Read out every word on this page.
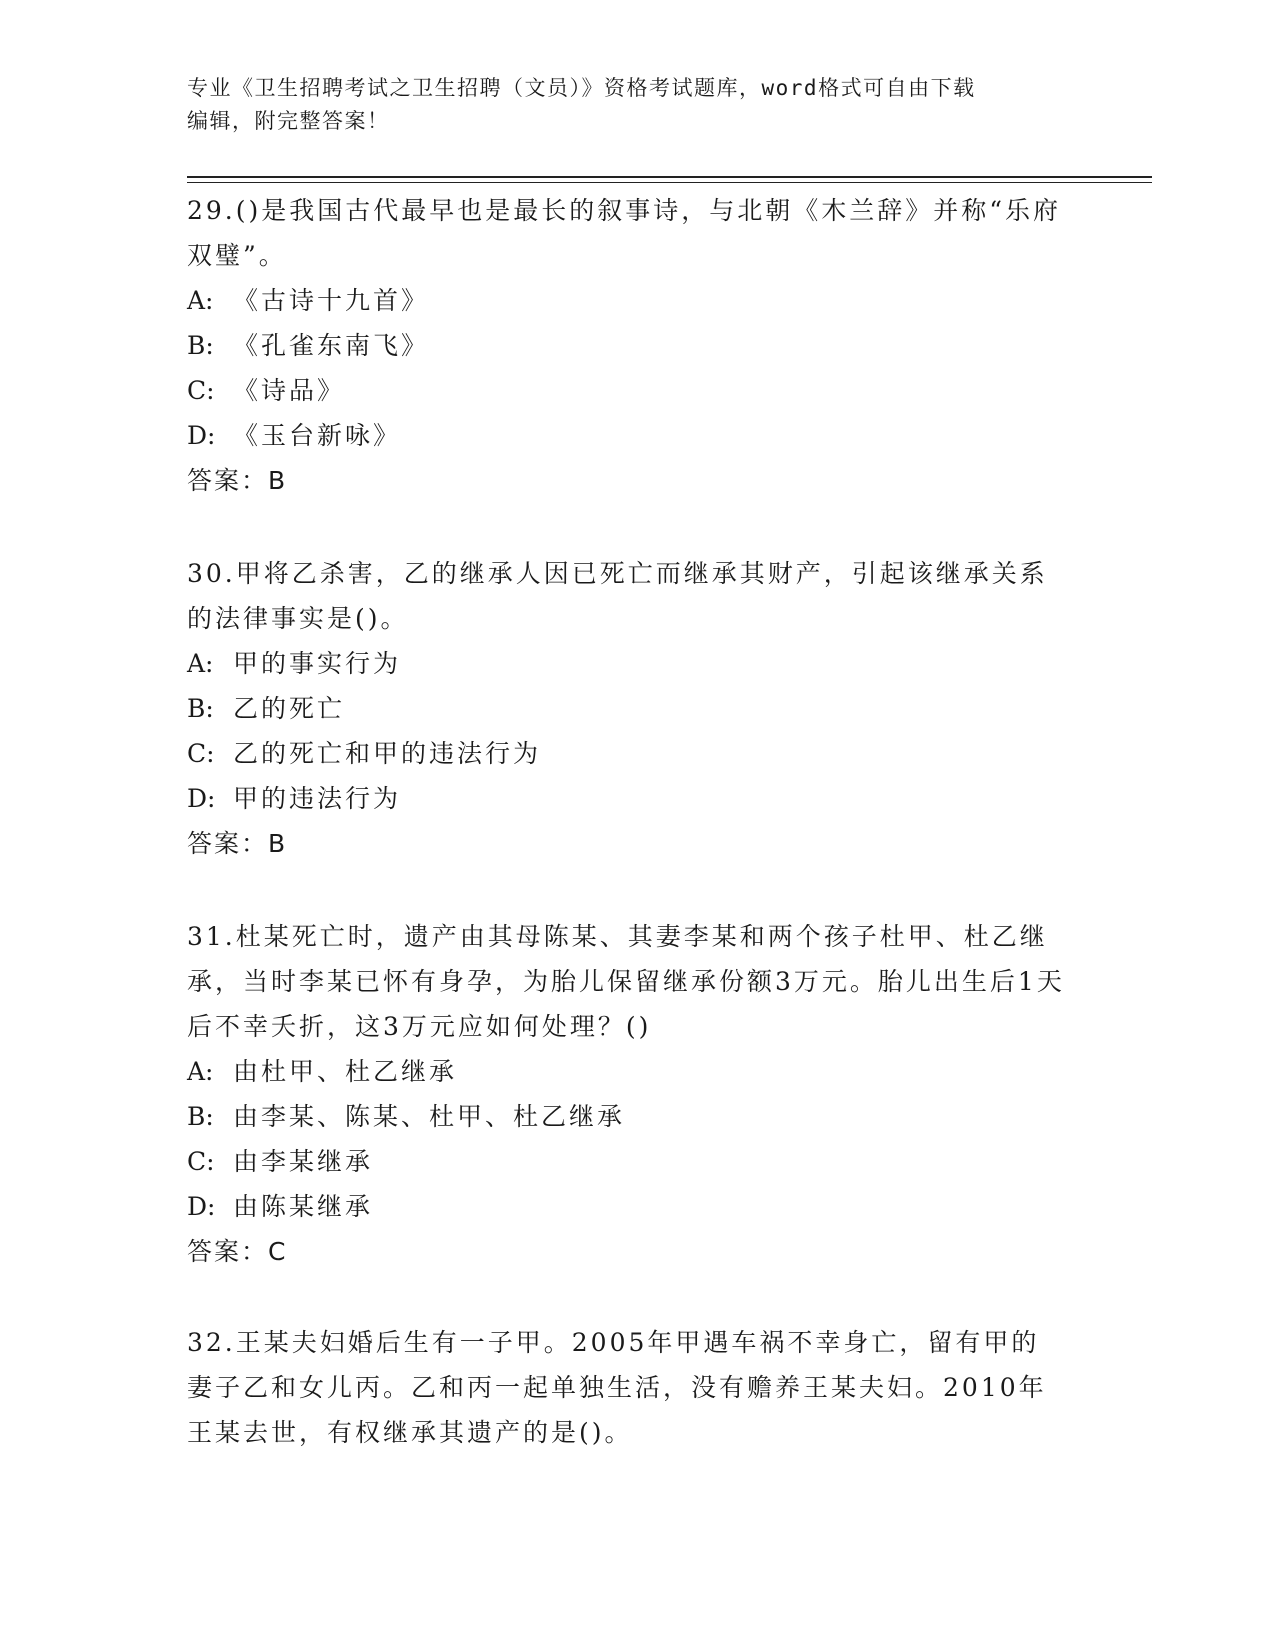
专业《卫生招聘考试之卫生招聘（文员）》资格考试题库，word格式可自由下载
编辑，附完整答案！

29.()是我国古代最早也是最长的叙事诗，与北朝《木兰辞》并称“乐府双璧”。

A: 《古诗十九首》

B: 《孔雀东南飞》

C: 《诗品》

D: 《玉台新咏》

答案：B

30.甲将乙杀害，乙的继承人因已死亡而继承其财产，引起该继承关系的法律事实是()。

A: 甲的事实行为

B: 乙的死亡

C: 乙的死亡和甲的违法行为

D: 甲的违法行为

答案：B

31.杜某死亡时，遗产由其母陈某、其妻李某和两个孩子杜甲、杜乙继承，当时李某已怀有身孕，为胎儿保留继承份额3万元。胎儿出生后1天后不幸夭折，这3万元应如何处理？()

A: 由杜甲、杜乙继承

B: 由李某、陈某、杜甲、杜乙继承

C: 由李某继承

D: 由陈某继承

答案：C

32.王某夫妇婚后生有一子甲。2005年甲遇车祸不幸身亡，留有甲的妻子乙和女儿丙。乙和丙一起单独生活，没有赡养王某夫妇。2010年王某去世，有权继承其遗产的是()。
